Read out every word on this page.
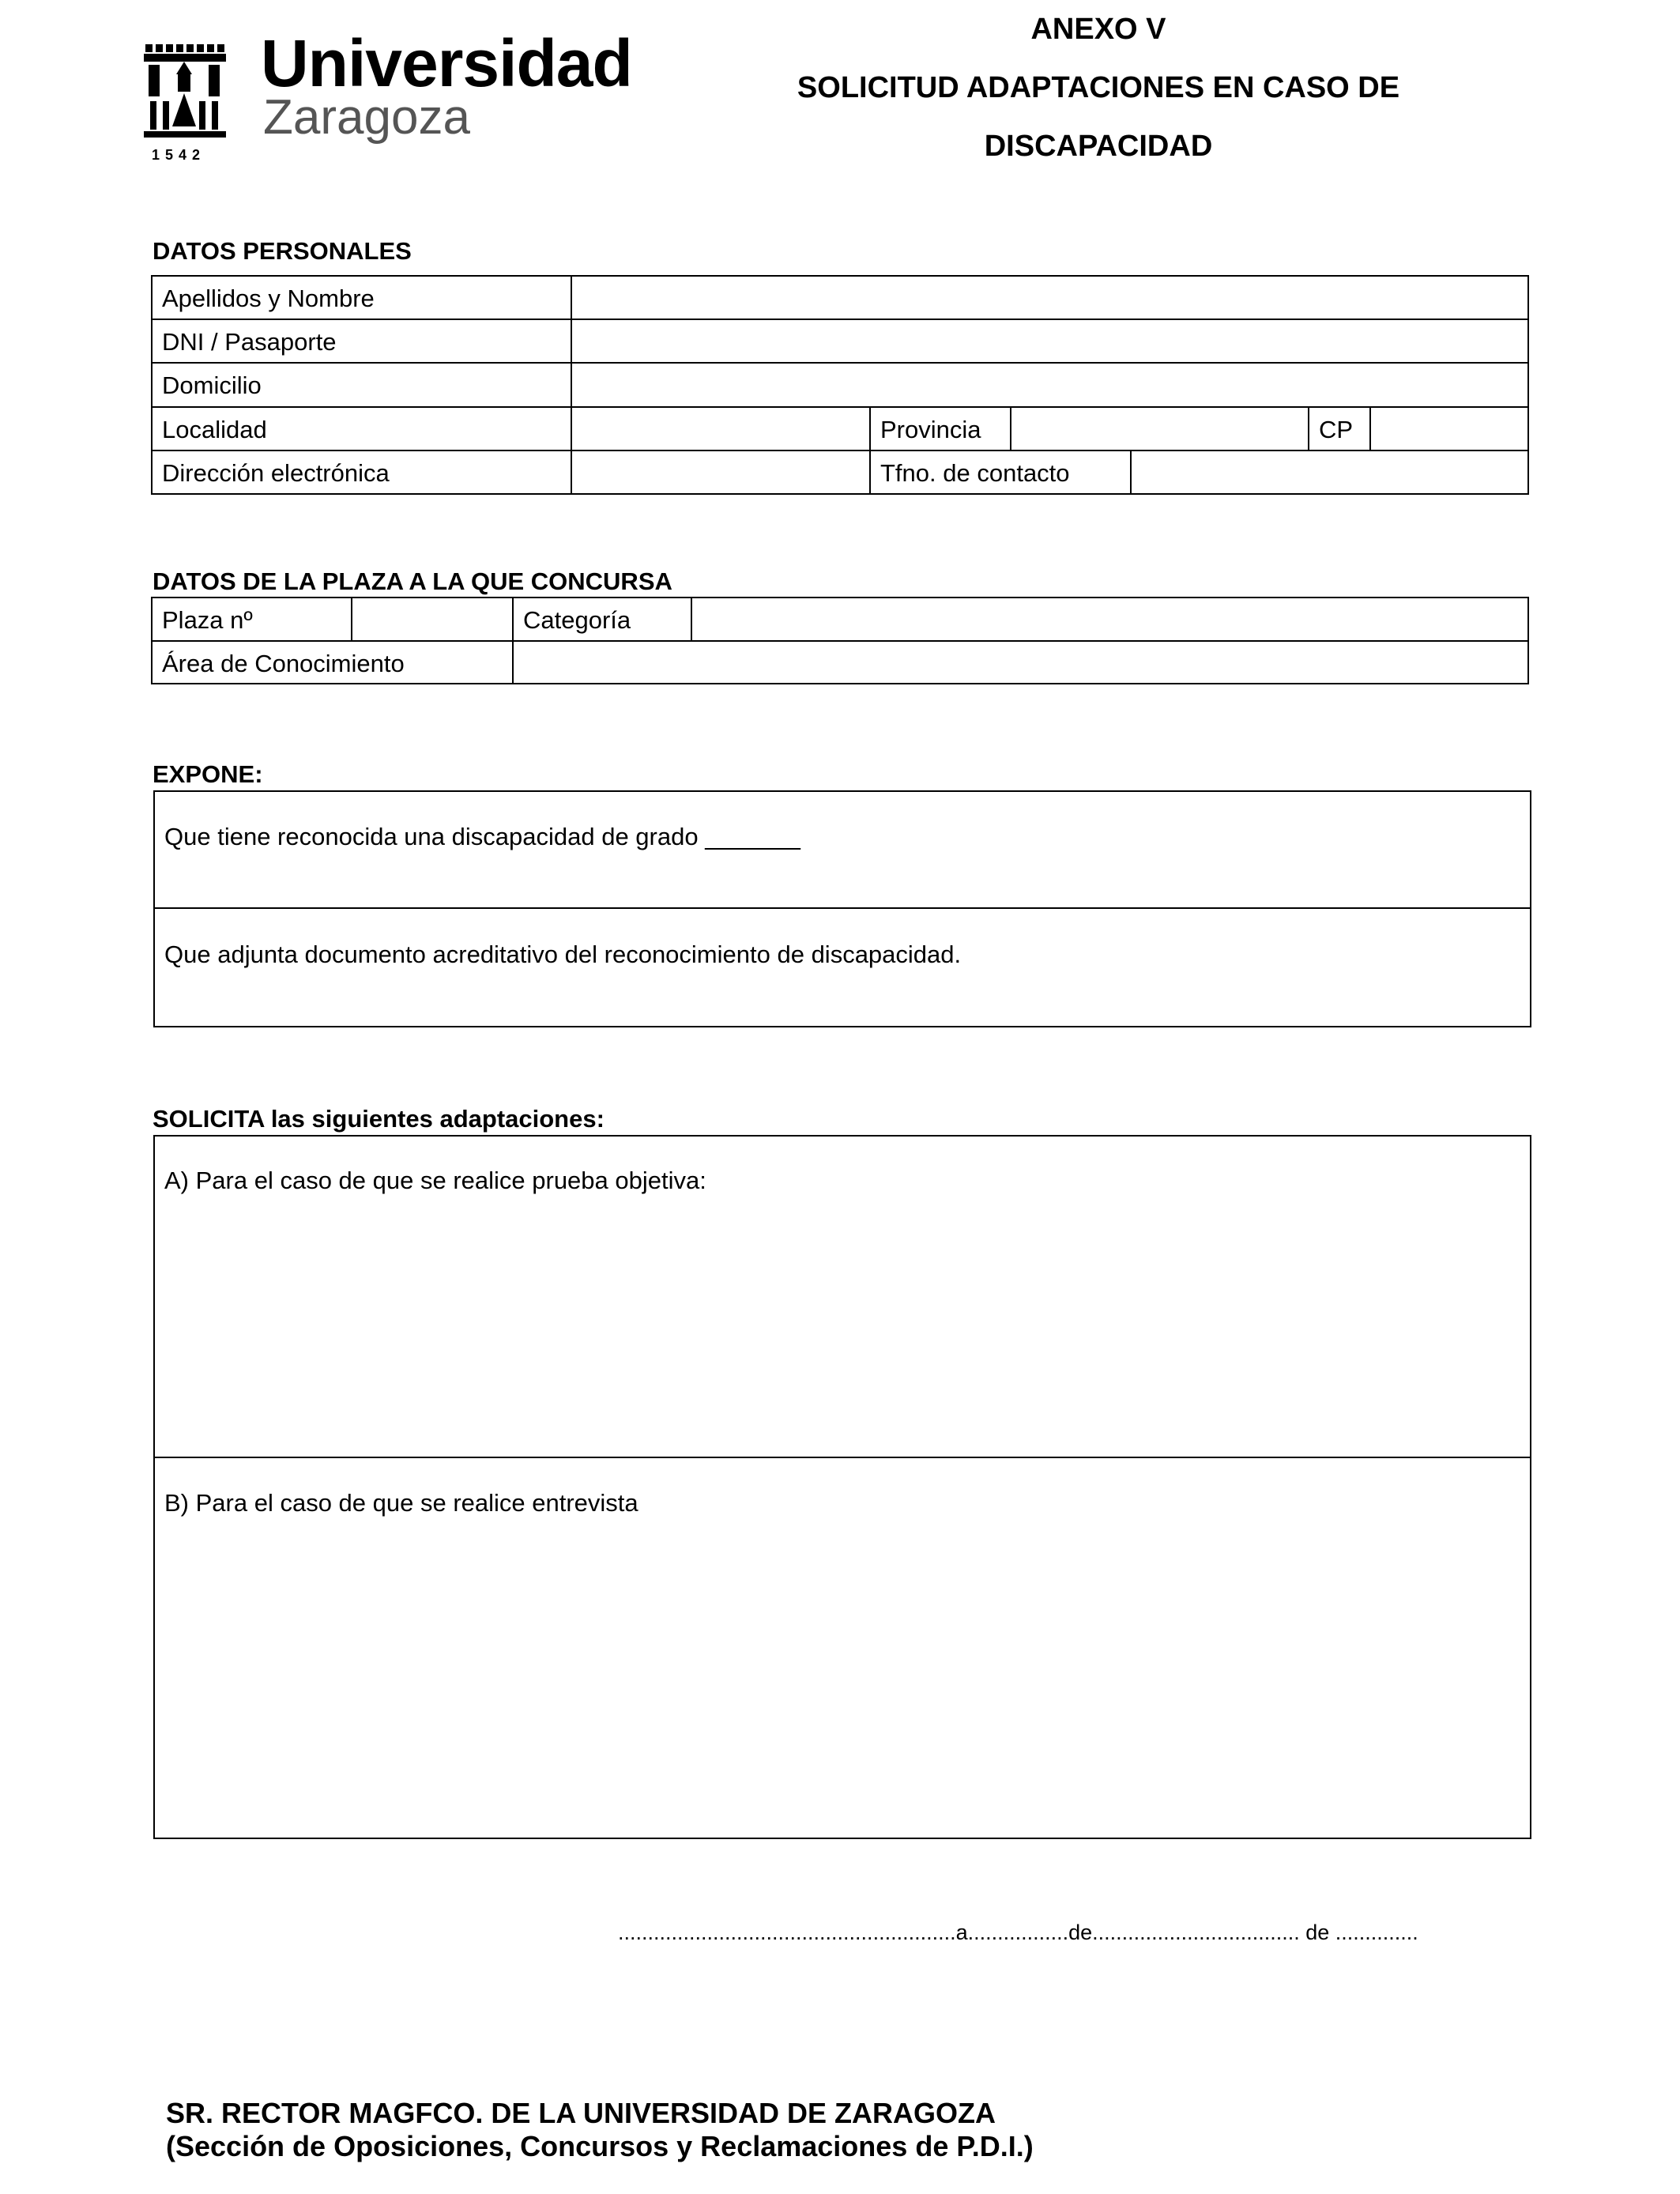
Universidad
Zaragoza
1542
ANEXO V
SOLICITUD ADAPTACIONES EN CASO DE
DISCAPACIDAD
DATOS PERSONALES
Apellidos y Nombre
DNI / Pasaporte
Domicilio
Localidad	Provincia	CP
Dirección electrónica	Tfno. de contacto
DATOS DE LA PLAZA A LA QUE CONCURSA
Plaza nº	Categoría
Área de Conocimiento
EXPONE:
Que tiene reconocida una discapacidad de grado _______
Que adjunta documento acreditativo del reconocimiento de discapacidad.
SOLICITA las siguientes adaptaciones:
A) Para el caso de que se realice prueba objetiva:
B) Para el caso de que se realice entrevista
.........................................................a.................de................................... de ..............
SR. RECTOR MAGFCO. DE LA UNIVERSIDAD DE ZARAGOZA
(Sección de Oposiciones, Concursos y Reclamaciones de P.D.I.)
